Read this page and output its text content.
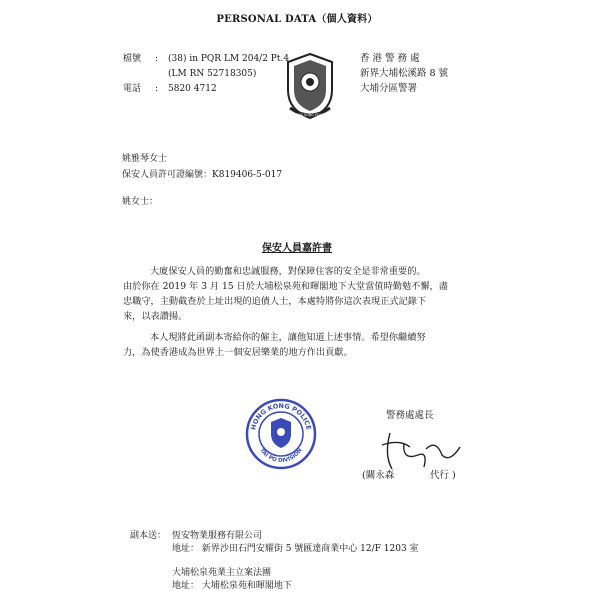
PERSONAL DATA（個人資料）
檔號	: (38) in PQR LM 204/2 Pt.4
(LM RN 52718305)
電話	: 5820 4712
HONG KONG POLICE
香 港 警 務 處
新界大埔松溪路 8 號
大埔分區警署
姚雅琴女士
保安人員許可證編號：K819406-5-017
姚女士：
保安人員嘉許書
大廈保安人員的勤奮和忠誠服務，對保障住客的安全是非常重要的。
由於你在 2019 年 3 月 15 日於大埔松泉苑和暉閣地下大堂當值時勤勉不懈，盡
忠職守，主動截查於上址出現的追債人士，本處特將你這次表現正式記錄下
來，以表讚揚。
本人現將此函副本寄給你的僱主，讓他知道上述事情。希望你繼續努
力，為使香港成為世界上一個安居樂業的地方作出貢獻。
HONG KONG POLICE
TAI PO DIVISION
警務處處長
(關永森	代行 )
副本送： 恆安物業服務有限公司
地址： 新界沙田石門安耀街 5 號匯達商業中心 12/F 1203 室
大埔松泉苑業主立案法團
地址： 大埔松泉苑和暉閣地下
